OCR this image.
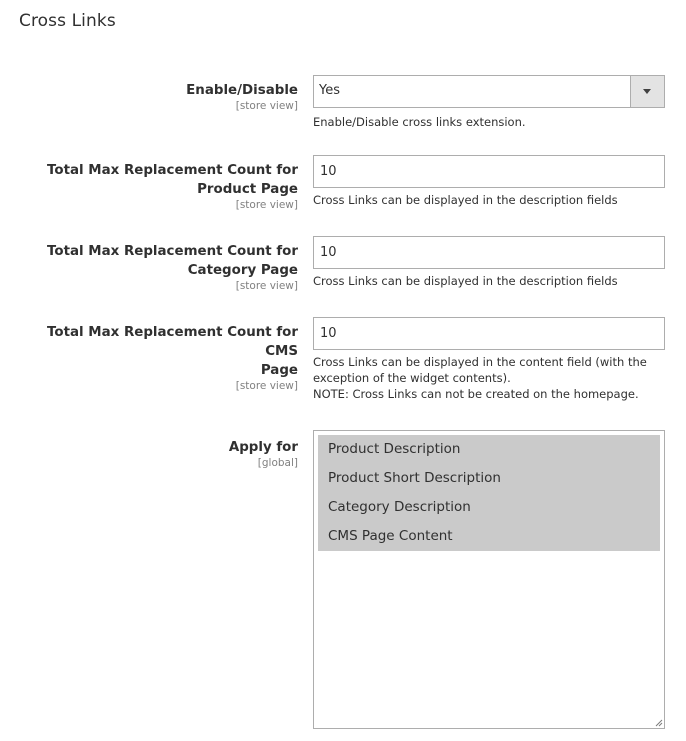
Cross Links
Enable/Disable
[store view]
Yes
Enable/Disable cross links extension.
Total Max Replacement Count for
Product Page
[store view]
10 Cross Links can be displayed in the description fields
Total Max Replacement Count for
Category Page
[store view]
10 Cross Links can be displayed in the description fields
Total Max Replacement Count for CMS
Page
[store view]
10
Cross Links can be displayed in the content field (with the
exception of the widget contents).
NOTE: Cross Links can not be created on the homepage.
Apply for
[global]
Product Description
Product Short Description
Category Description
CMS Page Content
